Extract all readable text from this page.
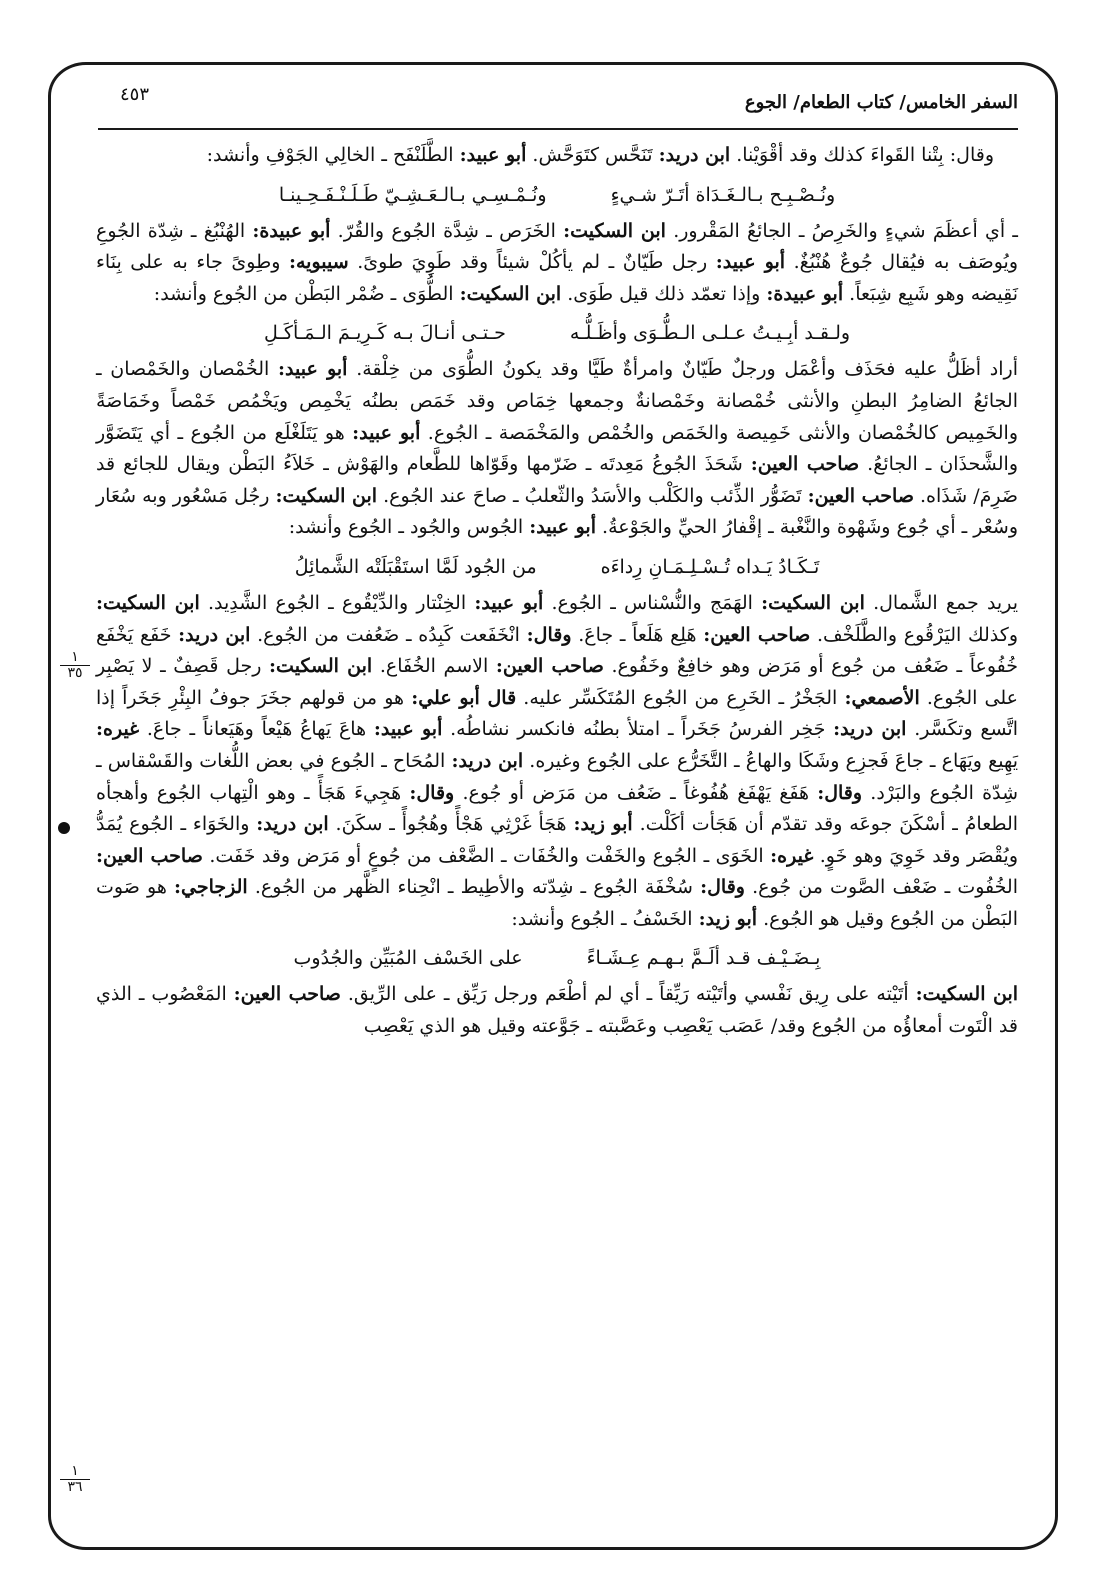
السفر الخامس/ كتاب الطعام/ الجوع
٤٥٣
١
٣٥
١
٣٦

وقال: بِتْنا القَواءَ كذلك وقد أقْوَيْنا. ابن دريد: تَنَحَّس كتَوَحَّش. أبو عبيد: الطَّلَنْفَح ـ الخالِي الجَوْفِ وأنشد:

ونُـصْـبِـح بـالـغَـدَاة أتَـرّ شـيءٍ
ونُـمْـسِـي بـالـعَـشِـيّ طَـلَـنْـفَـحِـينـا

ـ أي أعظَمَ شيءٍ والخَرِصُ ـ الجائعُ المَقْرور. ابن السكيت: الخَرَص ـ شِدَّة الجُوع والقُرّ. أبو عبيدة: الهُنْبُغ ـ شِدّة الجُوعِ ويُوصَف به فيُقال جُوعٌ هُنْبُغٌ. أبو عبيد: رجل طَيّانٌ ـ لم يأكُلْ شيئاً وقد طَوِيَ طوىً. سيبويه: وطِوىً جاء به على بِنَاء نَقِيضه وهو شَبِع شِبَعاً. أبو عبيدة: وإذا تعمّد ذلك قيل طَوَى. ابن السكيت: الطُّوَى ـ ضُمْر البَطْن من الجُوع وأنشد:

ولـقـد أبِـيـتُ عـلـى الـطُّـوَى وأظَـلُّـه
حـتـى أنـالَ بـه كَـرِيـمَ الـمَـأكَـلِ

أراد أظَلُّ عليه فحَذَف وأعْمَل ورجلٌ طَيّانٌ وامرأةٌ طَيَّا وقد يكونُ الطُّوَى من خِلْقة. أبو عبيد: الخُمْصان والخَمْصان ـ الجائعُ الضامِرُ البطنِ والأنثى خُمْصانة وخَمْصانةٌ وجمعها خِمَاص وقد خَمَص بطنُه يَخْمِص ويَخْمُص خَمْصاً وخَمَاصَةً والخَمِيص كالخُمْصان والأنثى خَمِيصة والخَمَص والخُمْص والمَخْمَصة ـ الجُوع. أبو عبيد: هو يَتَلَغْلَع من الجُوع ـ أي يَتَضَوَّر والشَّحذَان ـ الجائعُ. صاحب العين: شَحَذَ الجُوعُ مَعِدتَه ـ ضَرّمها وقَوّاها للطَّعام والهَوْش ـ خَلاَءُ البَطْن ويقال للجائع قد ضَرِمَ/ شَذَاه. صاحب العين: تَضَوُّر الذِّئب والكَلْب والأسَدُ والثّعلبُ ـ صاحَ عند الجُوع. ابن السكيت: رجُل مَسْعُور وبه سُعَار وسُعْر ـ أي جُوع وشَهْوة والنَّغْبة ـ إقْفارُ الحيِّ والجَوْعةُ. أبو عبيد: الجُوس والجُود ـ الجُوع وأنشد:

تَـكَـادُ يَـداه تُـسْـلِـمَـانِ رِداءَه
من الجُود لَمَّا استَقْبَلَتْه الشَّمائِلُ

يريد جمع الشَّمال. ابن السكيت: الهَمَج والنُّسْناس ـ الجُوع. أبو عبيد: الخِنْتار والدِّيْقُوع ـ الجُوع الشَّدِيد. ابن السكيت: وكذلك اليَرْقُوع والطَّلَخْف. صاحب العين: هَلِع هَلَعاً ـ جاعَ. وقال: انْخَفَعت كَبِدُه ـ ضَعُفت من الجُوع. ابن دريد: خَفَع يَخْفَع خُفُوعاً ـ ضَعُف من جُوع أو مَرَض وهو خافِعٌ وخَفُوع. صاحب العين: الاسم الخُفَاع. ابن السكيت: رجل قَصِفٌ ـ لا يَصْبِر على الجُوع. الأصمعي: الجَخْرُ ـ الخَرِع من الجُوع المُتَكَسِّر عليه. قال أبو علي: هو من قولهم جخَرَ جوفُ البِئْرِ جَخَراً إذا اتَّسع وتكَسَّر. ابن دريد: جَخِر الفرسُ جَخَراً ـ امتلأ بطنُه فانكسر نشاطُه. أبو عبيد: هاعَ يَهاعُ هَيْعاً وهَيَعاناً ـ جاعَ. غيره: يَهِيع ويَهَاع ـ جاعَ فَجزِع وشَكَا والهاعُ ـ التَّخَرُّع على الجُوع وغيره. ابن دريد: المُحَاح ـ الجُوع في بعض اللُّغات والقَسْقاس ـ شِدّة الجُوع والبَرْد. وقال: هَفَغ يَهْفَغ هُفُوغاً ـ ضَعُف من مَرَض أو جُوع. وقال: هَجِيءَ هَجَأً ـ وهو الْتِهاب الجُوع وأهجأه الطعامُ ـ أسْكَنَ جوعَه وقد تقدّم أن هَجَأت أكَلْت. أبو زيد: هَجَأ غَرْثِي هَجْأً وهُجُوأً ـ سكَنَ. ابن دريد: والخَوَاء ـ الجُوع يُمَدُّ ويُقْصَر وقد خَوِيَ وهو خَوٍ. غيره: الخَوَى ـ الجُوع والخَفْت والخُفَات ـ الضَّعْف من جُوعٍ أو مَرَض وقد خَفَت. صاحب العين: الخُفُوت ـ ضَعْف الصَّوت من جُوع. وقال: سُخْفَة الجُوع ـ شِدّته والأطِيط ـ انْحِناء الظَّهر من الجُوع. الزجاجي: هو صَوت البَطْن من الجُوع وقيل هو الجُوع. أبو زيد: الخَسْفُ ـ الجُوع وأنشد:

بِـضَـيْـف قـد ألَـمَّ بـهـم عِـشَـاءً
على الخَسْف المُبَيِّن والجُدُوب

ابن السكيت: أتَيْته على رِيق نَفْسي وأتَيْته رَيِّقاً ـ أي لم أطْعَم ورجل رَيِّق ـ على الرِّيق. صاحب العين: المَعْصُوب ـ الذي قد الْتَوت أمعاؤُه من الجُوع وقد/ عَصَب يَعْصِب وعَصَّبته ـ جَوَّعته وقيل هو الذي يَعْصِب
